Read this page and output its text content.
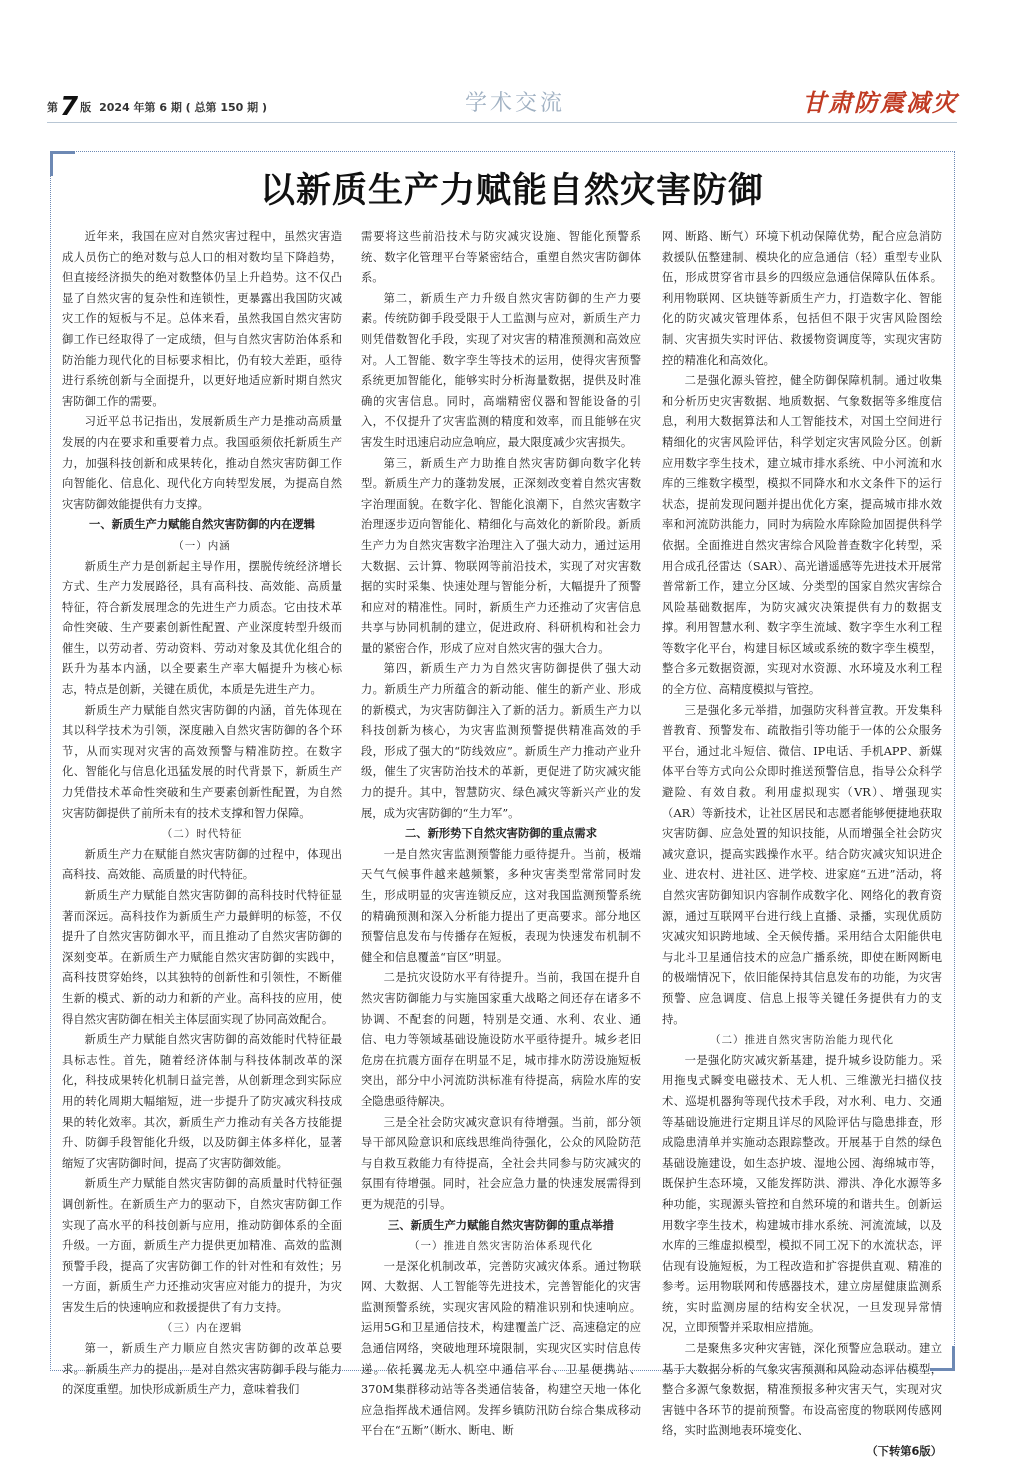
第7 版 2024 年第 6 期 ( 总第 150 期 )	学术交流	甘肃防震减灾
以新质生产力赋能自然灾害防御

近年来，我国在应对自然灾害过程中，虽然灾害造成人员伤亡的绝对数与总人口的相对数均呈下降趋势，但直接经济损失的绝对数整体仍呈上升趋势。这不仅凸显了自然灾害的复杂性和连锁性，更暴露出我国防灾减灾工作的短板与不足。总体来看，虽然我国自然灾害防御工作已经取得了一定成绩，但与自然灾害防治体系和防治能力现代化的目标要求相比，仍有较大差距，亟待进行系统创新与全面提升，以更好地适应新时期自然灾害防御工作的需要。

习近平总书记指出，发展新质生产力是推动高质量发展的内在要求和重要着力点。我国亟须依托新质生产力，加强科技创新和成果转化，推动自然灾害防御工作向智能化、信息化、现代化方向转型发展，为提高自然灾害防御效能提供有力支撑。

一、新质生产力赋能自然灾害防御的内在逻辑

（一）内涵

新质生产力是创新起主导作用，摆脱传统经济增长方式、生产力发展路径，具有高科技、高效能、高质量特征，符合新发展理念的先进生产力质态。它由技术革命性突破、生产要素创新性配置、产业深度转型升级而催生，以劳动者、劳动资料、劳动对象及其优化组合的跃升为基本内涵，以全要素生产率大幅提升为核心标志，特点是创新，关键在质优，本质是先进生产力。

新质生产力赋能自然灾害防御的内涵，首先体现在其以科学技术为引领，深度融入自然灾害防御的各个环节，从而实现对灾害的高效预警与精准防控。在数字化、智能化与信息化迅猛发展的时代背景下，新质生产力凭借技术革命性突破和生产要素创新性配置，为自然灾害防御提供了前所未有的技术支撑和智力保障。

（二）时代特征

新质生产力在赋能自然灾害防御的过程中，体现出高科技、高效能、高质量的时代特征。

新质生产力赋能自然灾害防御的高科技时代特征显著而深远。高科技作为新质生产力最鲜明的标签，不仅提升了自然灾害防御水平，而且推动了自然灾害防御的深刻变革。在新质生产力赋能自然灾害防御的实践中，高科技贯穿始终，以其独特的创新性和引领性，不断催生新的模式、新的动力和新的产业。高科技的应用，使得自然灾害防御在相关主体层面实现了协同高效配合。

新质生产力赋能自然灾害防御的高效能时代特征最具标志性。首先，随着经济体制与科技体制改革的深化，科技成果转化机制日益完善，从创新理念到实际应用的转化周期大幅缩短，进一步提升了防灾减灾科技成果的转化效率。其次，新质生产力推动有关各方技能提升、防御手段智能化升级，以及防御主体多样化，显著缩短了灾害防御时间，提高了灾害防御效能。

新质生产力赋能自然灾害防御的高质量时代特征强调创新性。在新质生产力的驱动下，自然灾害防御工作实现了高水平的科技创新与应用，推动防御体系的全面升级。一方面，新质生产力提供更加精准、高效的监测预警手段，提高了灾害防御工作的针对性和有效性；另一方面，新质生产力还推动灾害应对能力的提升，为灾害发生后的快速响应和救援提供了有力支持。

（三）内在逻辑

第一，新质生产力顺应自然灾害防御的改革总要求。新质生产力的提出，是对自然灾害防御手段与能力的深度重塑。加快形成新质生产力，意味着我们

需要将这些前沿技术与防灾减灾设施、智能化预警系统、数字化管理平台等紧密结合，重塑自然灾害防御体系。

第二，新质生产力升级自然灾害防御的生产力要素。传统防御手段受限于人工监测与应对，新质生产力则凭借数智化手段，实现了对灾害的精准预测和高效应对。人工智能、数字孪生等技术的运用，使得灾害预警系统更加智能化，能够实时分析海量数据，提供及时准确的灾害信息。同时，高端精密仪器和智能设备的引入，不仅提升了灾害监测的精度和效率，而且能够在灾害发生时迅速启动应急响应，最大限度减少灾害损失。

第三，新质生产力助推自然灾害防御向数字化转型。新质生产力的蓬勃发展，正深刻改变着自然灾害数字治理面貌。在数字化、智能化浪潮下，自然灾害数字治理逐步迈向智能化、精细化与高效化的新阶段。新质生产力为自然灾害数字治理注入了强大动力，通过运用大数据、云计算、物联网等前沿技术，实现了对灾害数据的实时采集、快速处理与智能分析，大幅提升了预警和应对的精准性。同时，新质生产力还推动了灾害信息共享与协同机制的建立，促进政府、科研机构和社会力量的紧密合作，形成了应对自然灾害的强大合力。

第四，新质生产力为自然灾害防御提供了强大动力。新质生产力所蕴含的新动能、催生的新产业、形成的新模式，为灾害防御注入了新的活力。新质生产力以科技创新为核心，为灾害监测预警提供精准高效的手段，形成了强大的“防线效应”。新质生产力推动产业升级，催生了灾害防治技术的革新，更促进了防灾减灾能力的提升。其中，智慧防灾、绿色减灾等新兴产业的发展，成为灾害防御的“生力军”。

二、新形势下自然灾害防御的重点需求

一是自然灾害监测预警能力亟待提升。当前，极端天气气候事件越来越频繁，多种灾害类型常常同时发生，形成明显的灾害连锁反应，这对我国监测预警系统的精确预测和深入分析能力提出了更高要求。部分地区预警信息发布与传播存在短板，表现为快速发布机制不健全和信息覆盖“盲区”明显。

二是抗灾设防水平有待提升。当前，我国在提升自然灾害防御能力与实施国家重大战略之间还存在诸多不协调、不配套的问题，特别是交通、水利、农业、通信、电力等领域基础设施设防水平亟待提升。城乡老旧危房在抗震方面存在明显不足，城市排水防涝设施短板突出，部分中小河流防洪标准有待提高，病险水库的安全隐患亟待解决。

三是全社会防灾减灾意识有待增强。当前，部分领导干部风险意识和底线思维尚待强化，公众的风险防范与自救互救能力有待提高，全社会共同参与防灾减灾的氛围有待增强。同时，社会应急力量的快速发展需得到更为规范的引导。

三、新质生产力赋能自然灾害防御的重点举措

（一）推进自然灾害防治体系现代化

一是深化机制改革，完善防灾减灾体系。通过物联网、大数据、人工智能等先进技术，完善智能化的灾害监测预警系统，实现灾害风险的精准识别和快速响应。运用5G和卫星通信技术，构建覆盖广泛、高速稳定的应急通信网络，突破地理环境限制，实现灾区实时信息传递。依托翼龙无人机空中通信平台、卫星便携站、370M集群移动站等各类通信装备，构建空天地一体化应急指挥战术通信网。发挥乡镇防汛防台综合集成移动平台在“五断”（断水、断电、断

网、断路、断气）环境下机动保障优势，配合应急消防救援队伍整建制、模块化的应急通信（轻）重型专业队伍，形成贯穿省市县乡的四级应急通信保障队伍体系。利用物联网、区块链等新质生产力，打造数字化、智能化的防灾减灾管理体系，包括但不限于灾害风险图绘制、灾害损失实时评估、救援物资调度等，实现灾害防控的精准化和高效化。

二是强化源头管控，健全防御保障机制。通过收集和分析历史灾害数据、地质数据、气象数据等多维度信息，利用大数据算法和人工智能技术，对国土空间进行精细化的灾害风险评估，科学划定灾害风险分区。创新应用数字孪生技术，建立城市排水系统、中小河流和水库的三维数字模型，模拟不同降水和水文条件下的运行状态，提前发现问题并提出优化方案，提高城市排水效率和河流防洪能力，同时为病险水库除险加固提供科学依据。全面推进自然灾害综合风险普查数字化转型，采用合成孔径雷达（SAR）、高光谱遥感等先进技术开展常普常新工作，建立分区域、分类型的国家自然灾害综合风险基础数据库，为防灾减灾决策提供有力的数据支撑。利用智慧水利、数字孪生流域、数字孪生水利工程等数字化平台，构建目标区域或系统的数字孪生模型，整合多元数据资源，实现对水资源、水环境及水利工程的全方位、高精度模拟与管控。

三是强化多元举措，加强防灾科普宣教。开发集科普教育、预警发布、疏散指引等功能于一体的公众服务平台，通过北斗短信、微信、IP电话、手机APP、新媒体平台等方式向公众即时推送预警信息，指导公众科学避险、有效自救。利用虚拟现实（VR）、增强现实（AR）等新技术，让社区居民和志愿者能够便捷地获取灾害防御、应急处置的知识技能，从而增强全社会防灾减灾意识，提高实践操作水平。结合防灾减灾知识进企业、进农村、进社区、进学校、进家庭“五进”活动，将自然灾害防御知识内容制作成数字化、网络化的教育资源，通过互联网平台进行线上直播、录播，实现优质防灾减灾知识跨地域、全天候传播。采用结合太阳能供电与北斗卫星通信技术的应急广播系统，即使在断网断电的极端情况下，依旧能保持其信息发布的功能，为灾害预警、应急调度、信息上报等关键任务提供有力的支持。

（二）推进自然灾害防治能力现代化

一是强化防灾减灾新基建，提升城乡设防能力。采用拖曳式瞬变电磁技术、无人机、三维激光扫描仪技术、巡堤机器狗等现代技术手段，对水利、电力、交通等基础设施进行定期且详尽的风险评估与隐患排查，形成隐患清单并实施动态跟踪整改。开展基于自然的绿色基础设施建设，如生态护坡、湿地公园、海绵城市等，既保护生态环境，又能发挥防洪、滞洪、净化水源等多种功能，实现源头管控和自然环境的和谐共生。创新运用数字孪生技术，构建城市排水系统、河流流域，以及水库的三维虚拟模型，模拟不同工况下的水流状态，评估现有设施短板，为工程改造和扩容提供直观、精准的参考。运用物联网和传感器技术，建立房屋健康监测系统，实时监测房屋的结构安全状况，一旦发现异常情况，立即预警并采取相应措施。

二是聚焦多灾种灾害链，深化预警应急联动。建立基于大数据分析的气象灾害预测和风险动态评估模型，整合多源气象数据，精准预报多种灾害天气，实现对灾害链中各环节的提前预警。布设高密度的物联网传感网络，实时监测地表环境变化、

（下转第6版）
